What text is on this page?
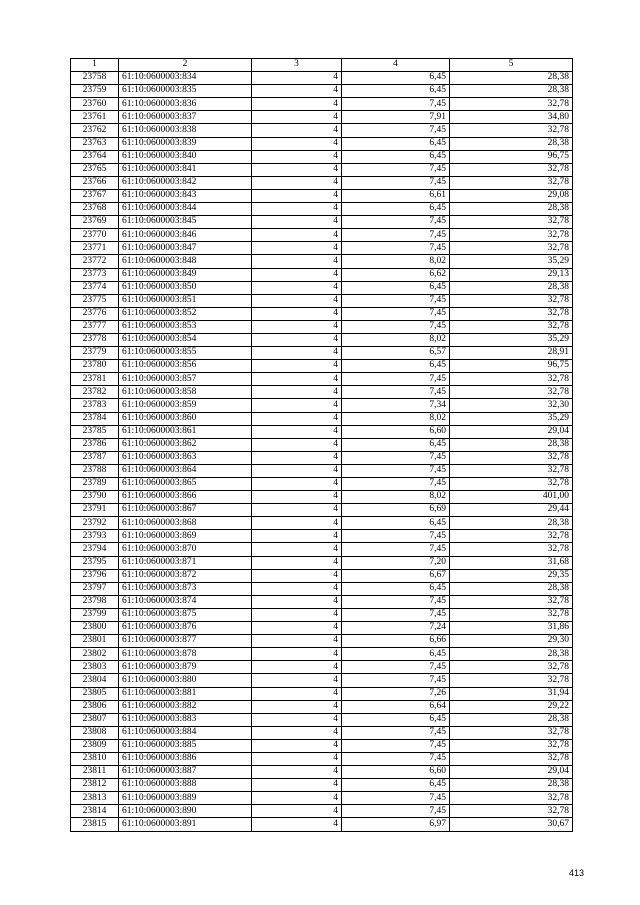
1	2	3	4	5
23758	61:10:0600003:834	4	6,45	28,38
23759	61:10:0600003:835	4	6,45	28,38
23760	61:10:0600003:836	4	7,45	32,78
23761	61:10:0600003:837	4	7,91	34,80
23762	61:10:0600003:838	4	7,45	32,78
23763	61:10:0600003:839	4	6,45	28,38
23764	61:10:0600003:840	4	6,45	96,75
23765	61:10:0600003:841	4	7,45	32,78
23766	61:10:0600003:842	4	7,45	32,78
23767	61:10:0600003:843	4	6,61	29,08
23768	61:10:0600003:844	4	6,45	28,38
23769	61:10:0600003:845	4	7,45	32,78
23770	61:10:0600003:846	4	7,45	32,78
23771	61:10:0600003:847	4	7,45	32,78
23772	61:10:0600003:848	4	8,02	35,29
23773	61:10:0600003:849	4	6,62	29,13
23774	61:10:0600003:850	4	6,45	28,38
23775	61:10:0600003:851	4	7,45	32,78
23776	61:10:0600003:852	4	7,45	32,78
23777	61:10:0600003:853	4	7,45	32,78
23778	61:10:0600003:854	4	8,02	35,29
23779	61:10:0600003:855	4	6,57	28,91
23780	61:10:0600003:856	4	6,45	96,75
23781	61:10:0600003:857	4	7,45	32,78
23782	61:10:0600003:858	4	7,45	32,78
23783	61:10:0600003:859	4	7,34	32,30
23784	61:10:0600003:860	4	8,02	35,29
23785	61:10:0600003:861	4	6,60	29,04
23786	61:10:0600003:862	4	6,45	28,38
23787	61:10:0600003:863	4	7,45	32,78
23788	61:10:0600003:864	4	7,45	32,78
23789	61:10:0600003:865	4	7,45	32,78
23790	61:10:0600003:866	4	8,02	401,00
23791	61:10:0600003:867	4	6,69	29,44
23792	61:10:0600003:868	4	6,45	28,38
23793	61:10:0600003:869	4	7,45	32,78
23794	61:10:0600003:870	4	7,45	32,78
23795	61:10:0600003:871	4	7,20	31,68
23796	61:10:0600003:872	4	6,67	29,35
23797	61:10:0600003:873	4	6,45	28,38
23798	61:10:0600003:874	4	7,45	32,78
23799	61:10:0600003:875	4	7,45	32,78
23800	61:10:0600003:876	4	7,24	31,86
23801	61:10:0600003:877	4	6,66	29,30
23802	61:10:0600003:878	4	6,45	28,38
23803	61:10:0600003:879	4	7,45	32,78
23804	61:10:0600003:880	4	7,45	32,78
23805	61:10:0600003:881	4	7,26	31,94
23806	61:10:0600003:882	4	6,64	29,22
23807	61:10:0600003:883	4	6,45	28,38
23808	61:10:0600003:884	4	7,45	32,78
23809	61:10:0600003:885	4	7,45	32,78
23810	61:10:0600003:886	4	7,45	32,78
23811	61:10:0600003:887	4	6,60	29,04
23812	61:10:0600003:888	4	6,45	28,38
23813	61:10:0600003:889	4	7,45	32,78
23814	61:10:0600003:890	4	7,45	32,78
23815	61:10:0600003:891	4	6,97	30,67
413
